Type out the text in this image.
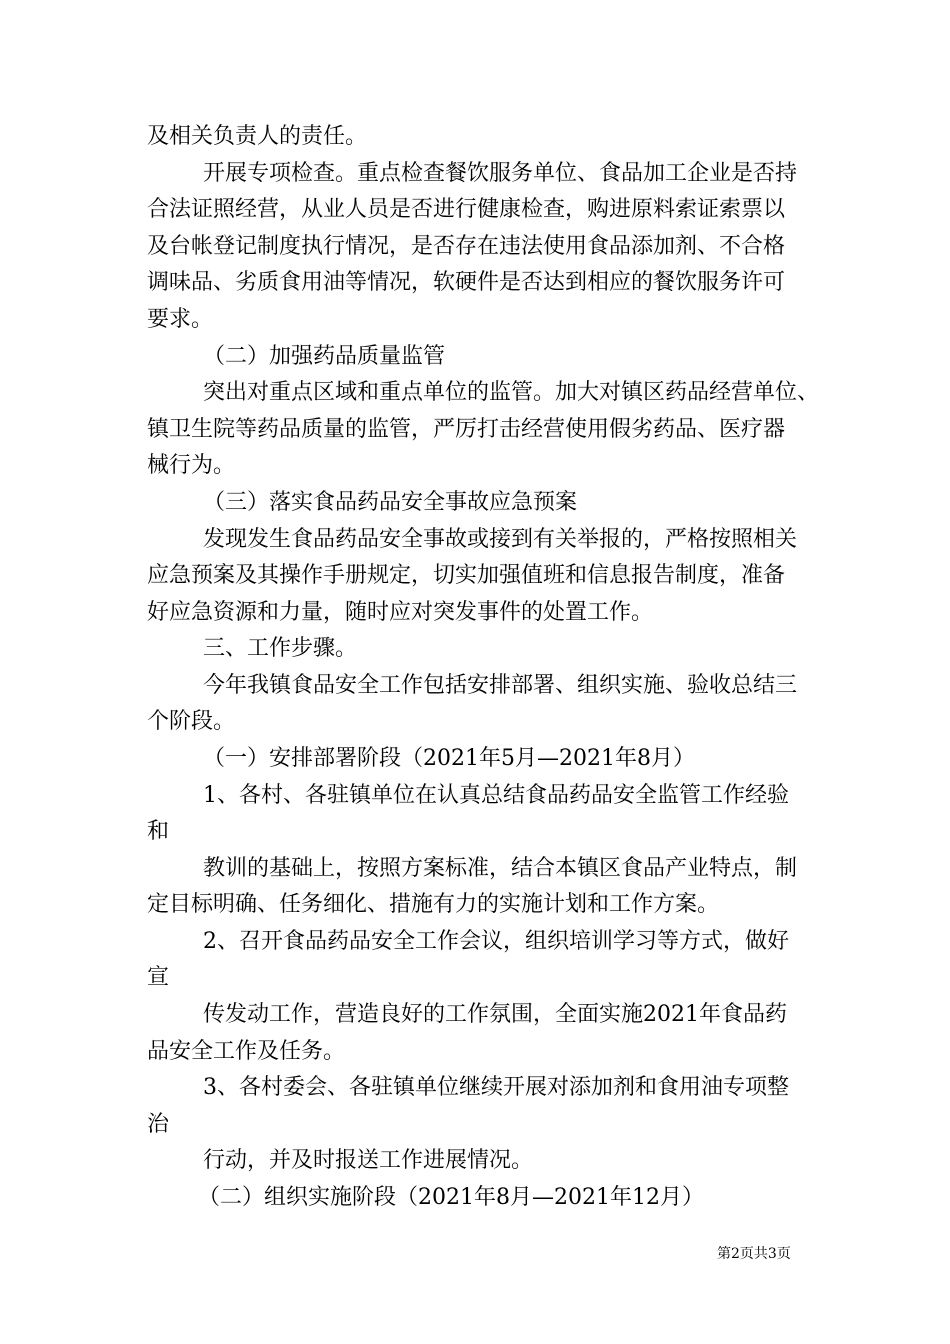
及相关负责人的责任。
开展专项检查。重点检查餐饮服务单位、食品加工企业是否持
合法证照经营，从业人员是否进行健康检查，购进原料索证索票以
及台帐登记制度执行情况，是否存在违法使用食品添加剂、不合格
调味品、劣质食用油等情况，软硬件是否达到相应的餐饮服务许可
要求。
（二）加强药品质量监管
突出对重点区域和重点单位的监管。加大对镇区药品经营单位、
镇卫生院等药品质量的监管，严厉打击经营使用假劣药品、医疗器
械行为。
（三）落实食品药品安全事故应急预案
发现发生食品药品安全事故或接到有关举报的，严格按照相关
应急预案及其操作手册规定，切实加强值班和信息报告制度，准备
好应急资源和力量，随时应对突发事件的处置工作。
三、工作步骤。
今年我镇食品安全工作包括安排部署、组织实施、验收总结三
个阶段。
（一）安排部署阶段（2021年5月—2021年8月）
1、各村、各驻镇单位在认真总结食品药品安全监管工作经验
和
教训的基础上，按照方案标准，结合本镇区食品产业特点，制
定目标明确、任务细化、措施有力的实施计划和工作方案。
2、召开食品药品安全工作会议，组织培训学习等方式，做好
宣
传发动工作，营造良好的工作氛围，全面实施2021年食品药
品安全工作及任务。
3、各村委会、各驻镇单位继续开展对添加剂和食用油专项整
治
行动，并及时报送工作进展情况。
（二）组织实施阶段（2021年8月—2021年12月）
第2页共3页
